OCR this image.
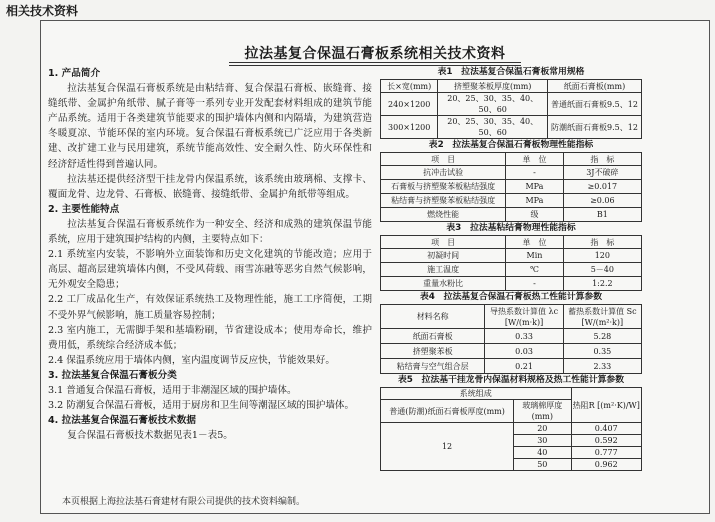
相关技术资料
拉法基复合保温石膏板系统相关技术资料

1. 产品简介

拉法基复合保温石膏板系统是由粘结膏、复合保温石膏板、嵌缝膏、接缝纸带、金属护角纸带、腻子膏等一系列专业开发配套材料组成的建筑节能产品系统。适用于各类建筑节能要求的围护墙体内侧和内隔墙，为建筑营造冬暖夏凉、节能环保的室内环境。复合保温石膏板系统已广泛应用于各类新建、改扩建工业与民用建筑，系统节能高效性、安全耐久性、防火环保性和经济舒适性得到普遍认同。

拉法基还提供经济型干挂龙骨内保温系统，该系统由玻璃棉、支撑卡、覆面龙骨、边龙骨、石膏板、嵌缝膏、接缝纸带、金属护角纸带等组成。

2. 主要性能特点

拉法基复合保温石膏板系统作为一种安全、经济和成熟的建筑保温节能系统，应用于建筑围护结构的内侧，主要特点如下：

2.1 系统室内安装，不影响外立面装饰和历史文化建筑的节能改造；应用于高层、超高层建筑墙体内侧，不受风荷载、雨雪冻融等恶劣自然气候影响，无外观安全隐患；

2.2 工厂成品化生产，有效保证系统热工及物理性能，施工工序简便，工期不受外界气候影响，施工质量容易控制；

2.3 室内施工，无需脚手架和基墙粉刷，节省建设成本；使用寿命长，维护费用低，系统综合经济成本低；

2.4 保温系统应用于墙体内侧，室内温度调节反应快，节能效果好。

3. 拉法基复合保温石膏板分类

3.1 普通复合保温石膏板，适用于非潮湿区域的围护墙体。

3.2 防潮复合保温石膏板，适用于厨房和卫生间等潮湿区域的围护墙体。

4. 拉法基复合保温石膏板技术数据

复合保温石膏板技术数据见表1－表5。

本页根据上海拉法基石膏建材有限公司提供的技术资料编制。
表1　拉法基复合保温石膏板常用规格
长×宽(mm)	挤塑聚苯板厚度(mm)	纸面石膏板(mm)
240×1200	20、25、30、35、40、50、60	普通纸面石膏板9.5、12
300×1200	20、25、30、35、40、50、60	防潮纸面石膏板9.5、12
表2　拉法基复合保温石膏板物理性能指标
项　目	单　位	指　标
抗冲击试验	-	3J不破碎
石膏板与挤塑聚苯板粘结强度	MPa	≥0.017
粘结膏与挤塑聚苯板粘结强度	MPa	≥0.06
燃烧性能	级	B1
表3　拉法基粘结膏物理性能指标
项　目	单　位	指　标
初凝时间	Min	120
施工温度	℃	5－40
重量水粉比	-	1:2.2
表4　拉法基复合保温石膏板热工性能计算参数
材料名称	导热系数计算值 λc [W/(m·k)]	蓄热系数计算值 Sc [W/(m²·k)]
纸面石膏板	0.33	5.28
挤塑聚苯板	0.03	0.35
粘结膏与空气组合层	0.21	2.33
表5　拉法基干挂龙骨内保温材料规格及热工性能计算参数
系统组成		热阻R [(m²·K)/W]
普通(防潮)纸面石膏板厚度(mm)	玻璃棉厚度(mm)	
12	20	0.407
	30	0.592
	40	0.777
	50	0.962
